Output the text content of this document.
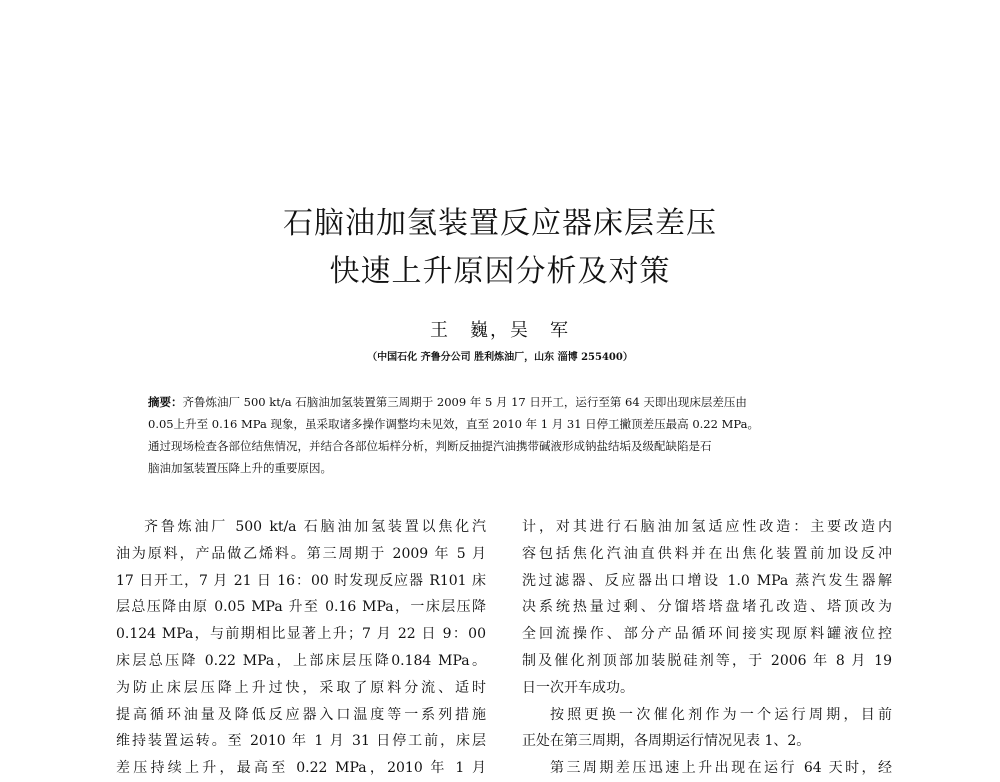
石脑油加氢装置反应器床层差压
快速上升原因分析及对策
王　巍，吴　军
（中国石化 齐鲁分公司 胜利炼油厂，山东 淄博 255400）
摘要：齐鲁炼油厂 500 kt/a 石脑油加氢装置第三周期于 2009 年 5 月 17 日开工，运行至第 64 天即出现床层差压由
0.05上升至 0.16 MPa 现象，虽采取诸多操作调整均未见效，直至 2010 年 1 月 31 日停工撇顶差压最高 0.22 MPa。
通过现场检查各部位结焦情况，并结合各部位垢样分析，判断反抽提汽油携带碱液形成钠盐结垢及级配缺陷是石
脑油加氢装置压降上升的重要原因。
齐鲁炼油厂 500 kt/a 石脑油加氢装置以焦化汽
油为原料，产品做乙烯料。第三周期于 2009 年 5 月
17 日开工，7 月 21 日 16：00 时发现反应器 R101 床
层总压降由原 0.05 MPa 升至 0.16 MPa，一床层压降
0.124 MPa，与前期相比显著上升；7 月 22 日 9：00
床层总压降 0.22 MPa，上部床层压降0.184 MPa。
为防止床层压降上升过快，采取了原料分流、适时
提高循环油量及降低反应器入口温度等一系列措施
维持装置运转。至 2010 年 1 月 31 日停工前，床层
差压持续上升，最高至 0.22 MPa，2010 年 1 月
计，对其进行石脑油加氢适应性改造：主要改造内
容包括焦化汽油直供料并在出焦化装置前加设反冲
洗过滤器、反应器出口增设 1.0 MPa 蒸汽发生器解
决系统热量过剩、分馏塔塔盘堵孔改造、塔顶改为
全回流操作、部分产品循环间接实现原料罐液位控
制及催化剂顶部加装脱硅剂等，于 2006 年 8 月 19
日一次开车成功。
按照更换一次催化剂作为一个运行周期，目前
正处在第三周期，各周期运行情况见表 1、2。
第三周期差压迅速上升出现在运行 64 天时，经
